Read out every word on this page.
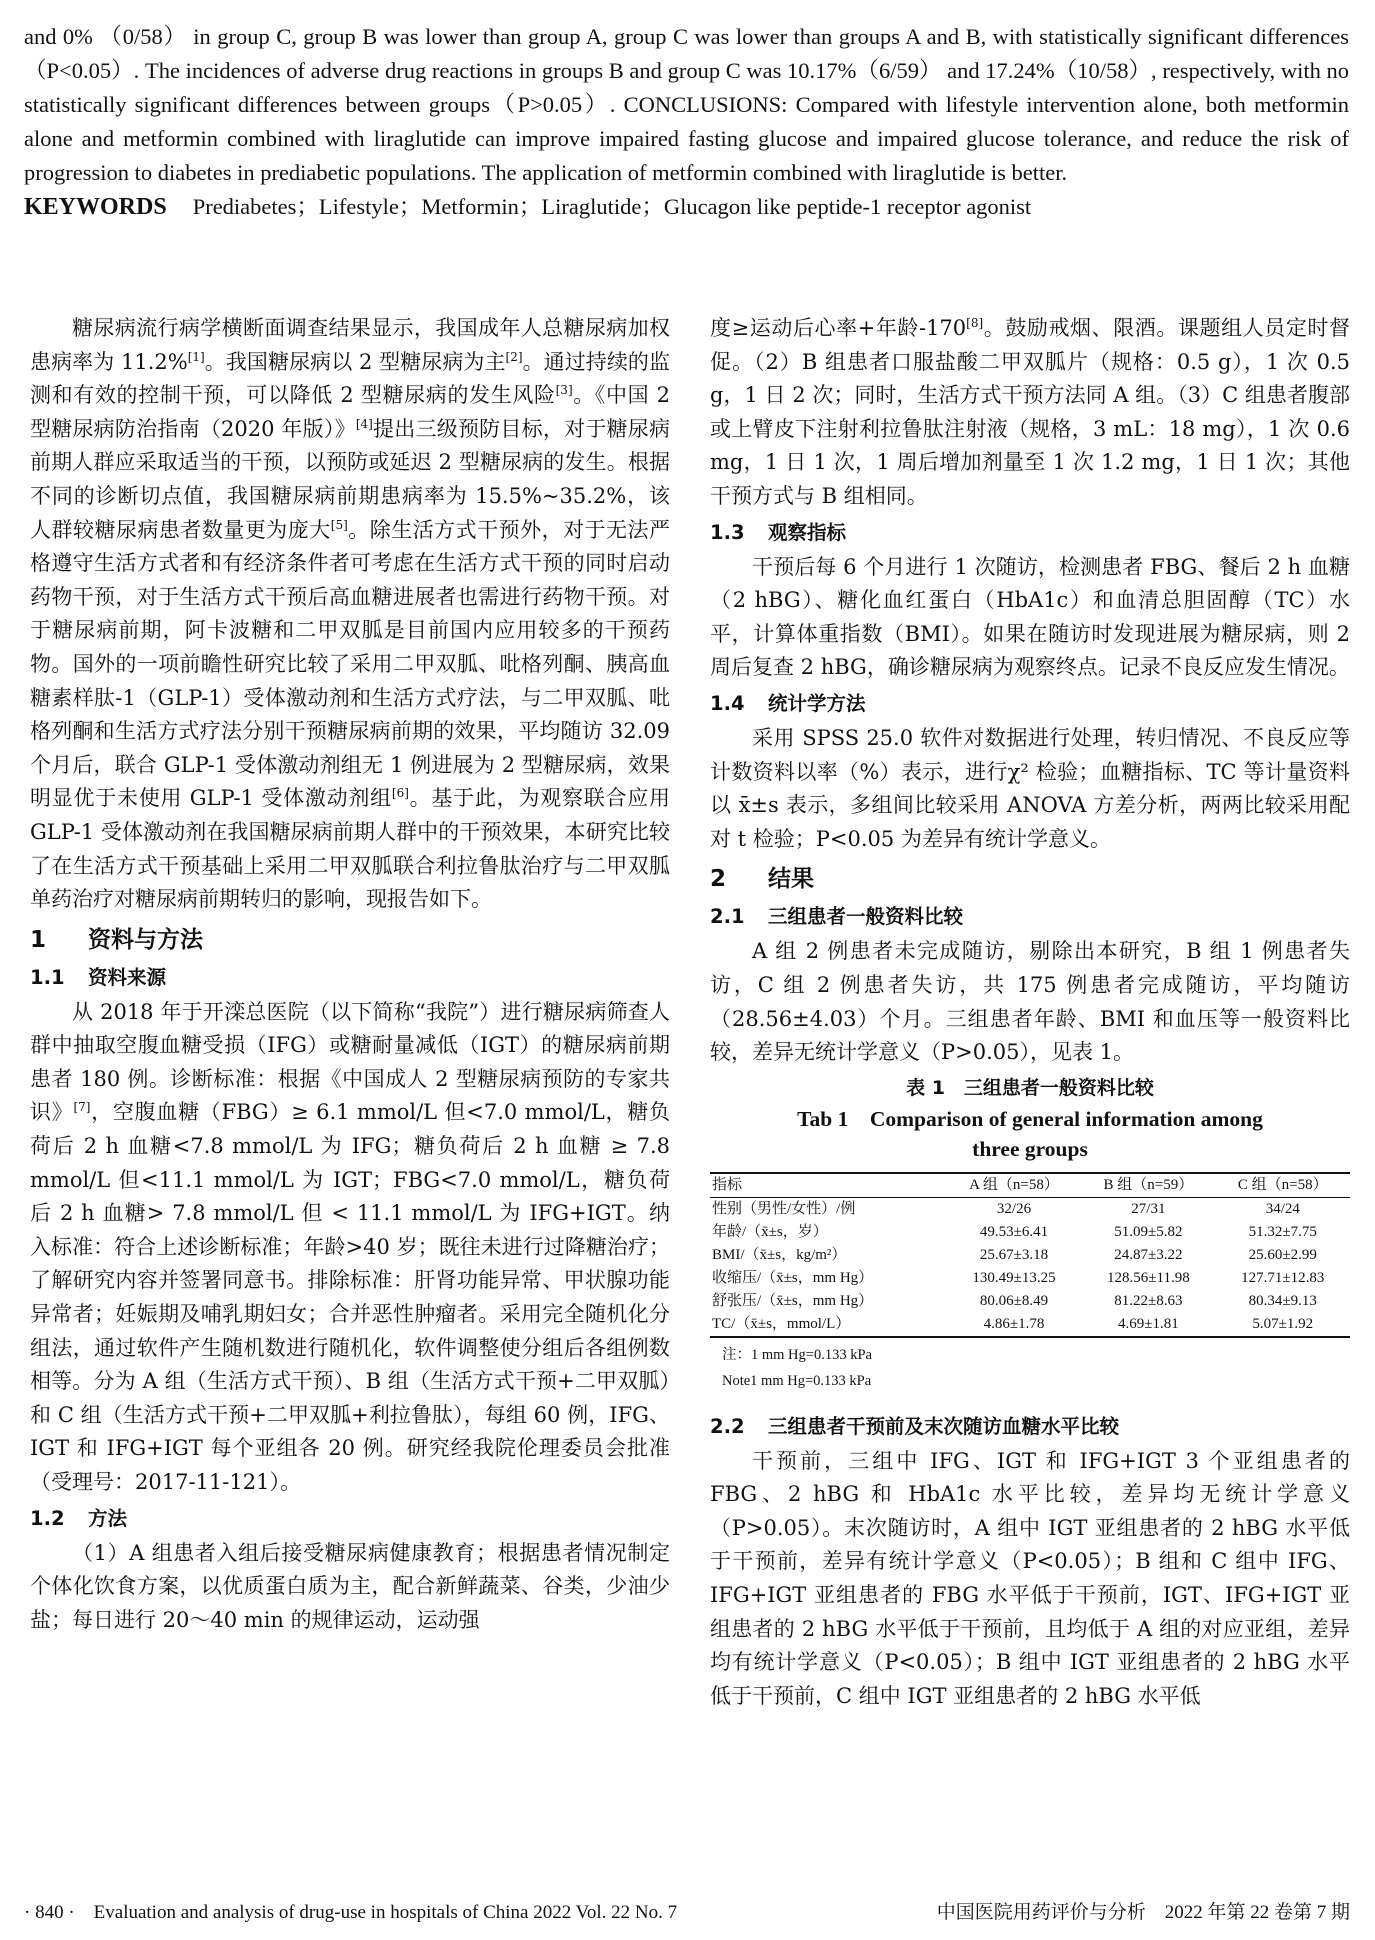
and 0% （0/58） in group C, group B was lower than group A, group C was lower than groups A and B, with statistically significant differences（P<0.05）. The incidences of adverse drug reactions in groups B and group C was 10.17%（6/59） and 17.24%（10/58）, respectively, with no statistically significant differences between groups（P>0.05）. CONCLUSIONS: Compared with lifestyle intervention alone, both metformin alone and metformin combined with liraglutide can improve impaired fasting glucose and impaired glucose tolerance, and reduce the risk of progression to diabetes in prediabetic populations. The application of metformin combined with liraglutide is better.

KEYWORDS Prediabetes；Lifestyle；Metformin；Liraglutide；Glucagon like peptide-1 receptor agonist

糖尿病流行病学横断面调查结果显示，我国成年人总糖尿病加权患病率为 11.2%[1]。我国糖尿病以 2 型糖尿病为主[2]。通过持续的监测和有效的控制干预，可以降低 2 型糖尿病的发生风险[3]。《中国 2 型糖尿病防治指南（2020 年版）》[4]提出三级预防目标，对于糖尿病前期人群应采取适当的干预，以预防或延迟 2 型糖尿病的发生。根据不同的诊断切点值，我国糖尿病前期患病率为 15.5%~35.2%，该人群较糖尿病患者数量更为庞大[5]。除生活方式干预外，对于无法严格遵守生活方式者和有经济条件者可考虑在生活方式干预的同时启动药物干预，对于生活方式干预后高血糖进展者也需进行药物干预。对于糖尿病前期，阿卡波糖和二甲双胍是目前国内应用较多的干预药物。国外的一项前瞻性研究比较了采用二甲双胍、吡格列酮、胰高血糖素样肽-1（GLP-1）受体激动剂和生活方式疗法，与二甲双胍、吡格列酮和生活方式疗法分别干预糖尿病前期的效果，平均随访 32.09 个月后，联合 GLP-1 受体激动剂组无 1 例进展为 2 型糖尿病，效果明显优于未使用 GLP-1 受体激动剂组[6]。基于此，为观察联合应用 GLP-1 受体激动剂在我国糖尿病前期人群中的干预效果，本研究比较了在生活方式干预基础上采用二甲双胍联合利拉鲁肽治疗与二甲双胍单药治疗对糖尿病前期转归的影响，现报告如下。

1 资料与方法
1.1 资料来源

从 2018 年于开滦总医院（以下简称“我院”）进行糖尿病筛查人群中抽取空腹血糖受损（IFG）或糖耐量减低（IGT）的糖尿病前期患者 180 例。诊断标准：根据《中国成人 2 型糖尿病预防的专家共识》[7]，空腹血糖（FBG）≥ 6.1 mmol/L 但<7.0 mmol/L，糖负荷后 2 h 血糖<7.8 mmol/L 为 IFG；糖负荷后 2 h 血糖 ≥ 7.8 mmol/L 但<11.1 mmol/L 为 IGT；FBG<7.0 mmol/L，糖负荷后 2 h 血糖> 7.8 mmol/L 但 < 11.1 mmol/L 为 IFG+IGT。纳入标准：符合上述诊断标准；年龄>40 岁；既往未进行过降糖治疗；了解研究内容并签署同意书。排除标准：肝肾功能异常、甲状腺功能异常者；妊娠期及哺乳期妇女；合并恶性肿瘤者。采用完全随机化分组法，通过软件产生随机数进行随机化，软件调整使分组后各组例数相等。分为 A 组（生活方式干预）、B 组（生活方式干预+二甲双胍）和 C 组（生活方式干预+二甲双胍+利拉鲁肽），每组 60 例，IFG、IGT 和 IFG+IGT 每个亚组各 20 例。研究经我院伦理委员会批准（受理号：2017-11-121）。

1.2 方法

（1）A 组患者入组后接受糖尿病健康教育；根据患者情况制定个体化饮食方案，以优质蛋白质为主，配合新鲜蔬菜、谷类，少油少盐；每日进行 20～40 min 的规律运动，运动强

度≥运动后心率+年龄-170[8]。鼓励戒烟、限酒。课题组人员定时督促。（2）B 组患者口服盐酸二甲双胍片（规格：0.5 g），1 次 0.5 g，1 日 2 次；同时，生活方式干预方法同 A 组。（3）C 组患者腹部或上臂皮下注射利拉鲁肽注射液（规格，3 mL：18 mg），1 次 0.6 mg，1 日 1 次，1 周后增加剂量至 1 次 1.2 mg，1 日 1 次；其他干预方式与 B 组相同。

1.3 观察指标

干预后每 6 个月进行 1 次随访，检测患者 FBG、餐后 2 h 血糖（2 hBG）、糖化血红蛋白（HbA1c）和血清总胆固醇（TC）水平，计算体重指数（BMI）。如果在随访时发现进展为糖尿病，则 2 周后复查 2 hBG，确诊糖尿病为观察终点。记录不良反应发生情况。

1.4 统计学方法

采用 SPSS 25.0 软件对数据进行处理，转归情况、不良反应等计数资料以率（%）表示，进行χ² 检验；血糖指标、TC 等计量资料以 x̄±s 表示，多组间比较采用 ANOVA 方差分析，两两比较采用配对 t 检验；P<0.05 为差异有统计学意义。

2 结果
2.1 三组患者一般资料比较

A 组 2 例患者未完成随访，剔除出本研究，B 组 1 例患者失访，C 组 2 例患者失访，共 175 例患者完成随访，平均随访（28.56±4.03）个月。三组患者年龄、BMI 和血压等一般资料比较，差异无统计学意义（P>0.05），见表 1。

表 1　三组患者一般资料比较
Tab 1　Comparison of general information among
three groups
指标	A 组（n=58）	B 组（n=59）	C 组（n=58）
性别（男性/女性）/例	32/26	27/31	34/24
年龄/（x̄±s，岁）	49.53±6.41	51.09±5.82	51.32±7.75
BMI/（x̄±s，kg/m²）	25.67±3.18	24.87±3.22	25.60±2.99
收缩压/（x̄±s，mm Hg）	130.49±13.25	128.56±11.98	127.71±12.83
舒张压/（x̄±s，mm Hg）	80.06±8.49	81.22±8.63	80.34±9.13
TC/（x̄±s，mmol/L）	4.86±1.78	4.69±1.81	5.07±1.92
注：1 mm Hg=0.133 kPa
Note1 mm Hg=0.133 kPa
2.2 三组患者干预前及末次随访血糖水平比较

干预前，三组中 IFG、IGT 和 IFG+IGT 3 个亚组患者的 FBG、2 hBG 和 HbA1c 水平比较，差异均无统计学意义（P>0.05）。末次随访时，A 组中 IGT 亚组患者的 2 hBG 水平低于干预前，差异有统计学意义（P<0.05）；B 组和 C 组中 IFG、IFG+IGT 亚组患者的 FBG 水平低于干预前，IGT、IFG+IGT 亚组患者的 2 hBG 水平低于干预前，且均低于 A 组的对应亚组，差异均有统计学意义（P<0.05）；B 组中 IGT 亚组患者的 2 hBG 水平低于干预前，C 组中 IGT 亚组患者的 2 hBG 水平低

· 840 ·　Evaluation and analysis of drug-use in hospitals of China 2022 Vol. 22 No. 7	中国医院用药评价与分析　2022 年第 22 卷第 7 期
